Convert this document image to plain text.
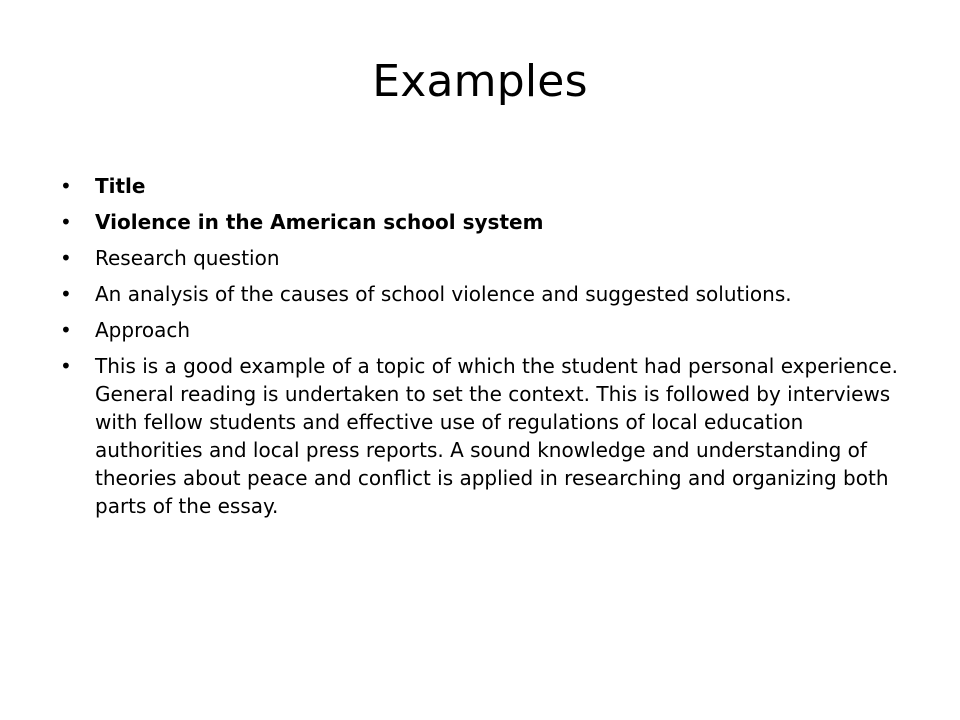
Examples
• Title
• Violence in the American school system
• Research question
• An analysis of the causes of school violence and suggested solutions.
• Approach
• This is a good example of a topic of which the student had personal experience. General reading is undertaken to set the context. This is followed by interviews with fellow students and effective use of regulations of local education authorities and local press reports. A sound knowledge and understanding of theories about peace and conflict is applied in researching and organizing both parts of the essay.
